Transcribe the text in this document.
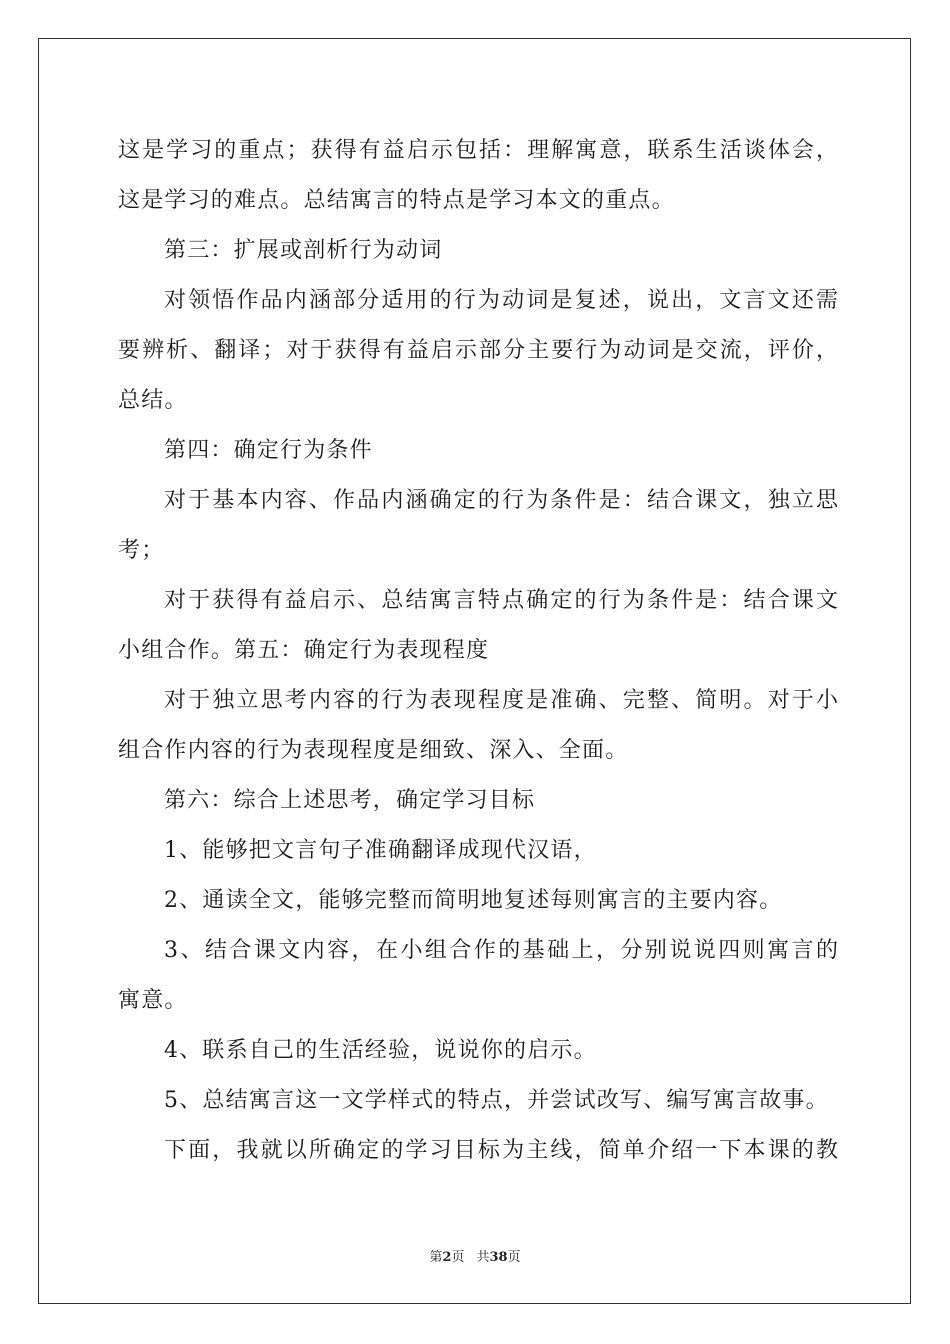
这是学习的重点；获得有益启示包括：理解寓意，联系生活谈体会，
这是学习的难点。总结寓言的特点是学习本文的重点。
第三：扩展或剖析行为动词
对领悟作品内涵部分适用的行为动词是复述，说出，文言文还需
要辨析、翻译；对于获得有益启示部分主要行为动词是交流，评价，
总结。
第四：确定行为条件
对于基本内容、作品内涵确定的行为条件是：结合课文，独立思
考；
对于获得有益启示、总结寓言特点确定的行为条件是：结合课文
小组合作。第五：确定行为表现程度
对于独立思考内容的行为表现程度是准确、完整、简明。对于小
组合作内容的行为表现程度是细致、深入、全面。
第六：综合上述思考，确定学习目标
1、能够把文言句子准确翻译成现代汉语，
2、通读全文，能够完整而简明地复述每则寓言的主要内容。
3、结合课文内容，在小组合作的基础上，分别说说四则寓言的
寓意。
4、联系自己的生活经验，说说你的启示。
5、总结寓言这一文学样式的特点，并尝试改写、编写寓言故事。
下面，我就以所确定的学习目标为主线，简单介绍一下本课的教
第2页 共38页
